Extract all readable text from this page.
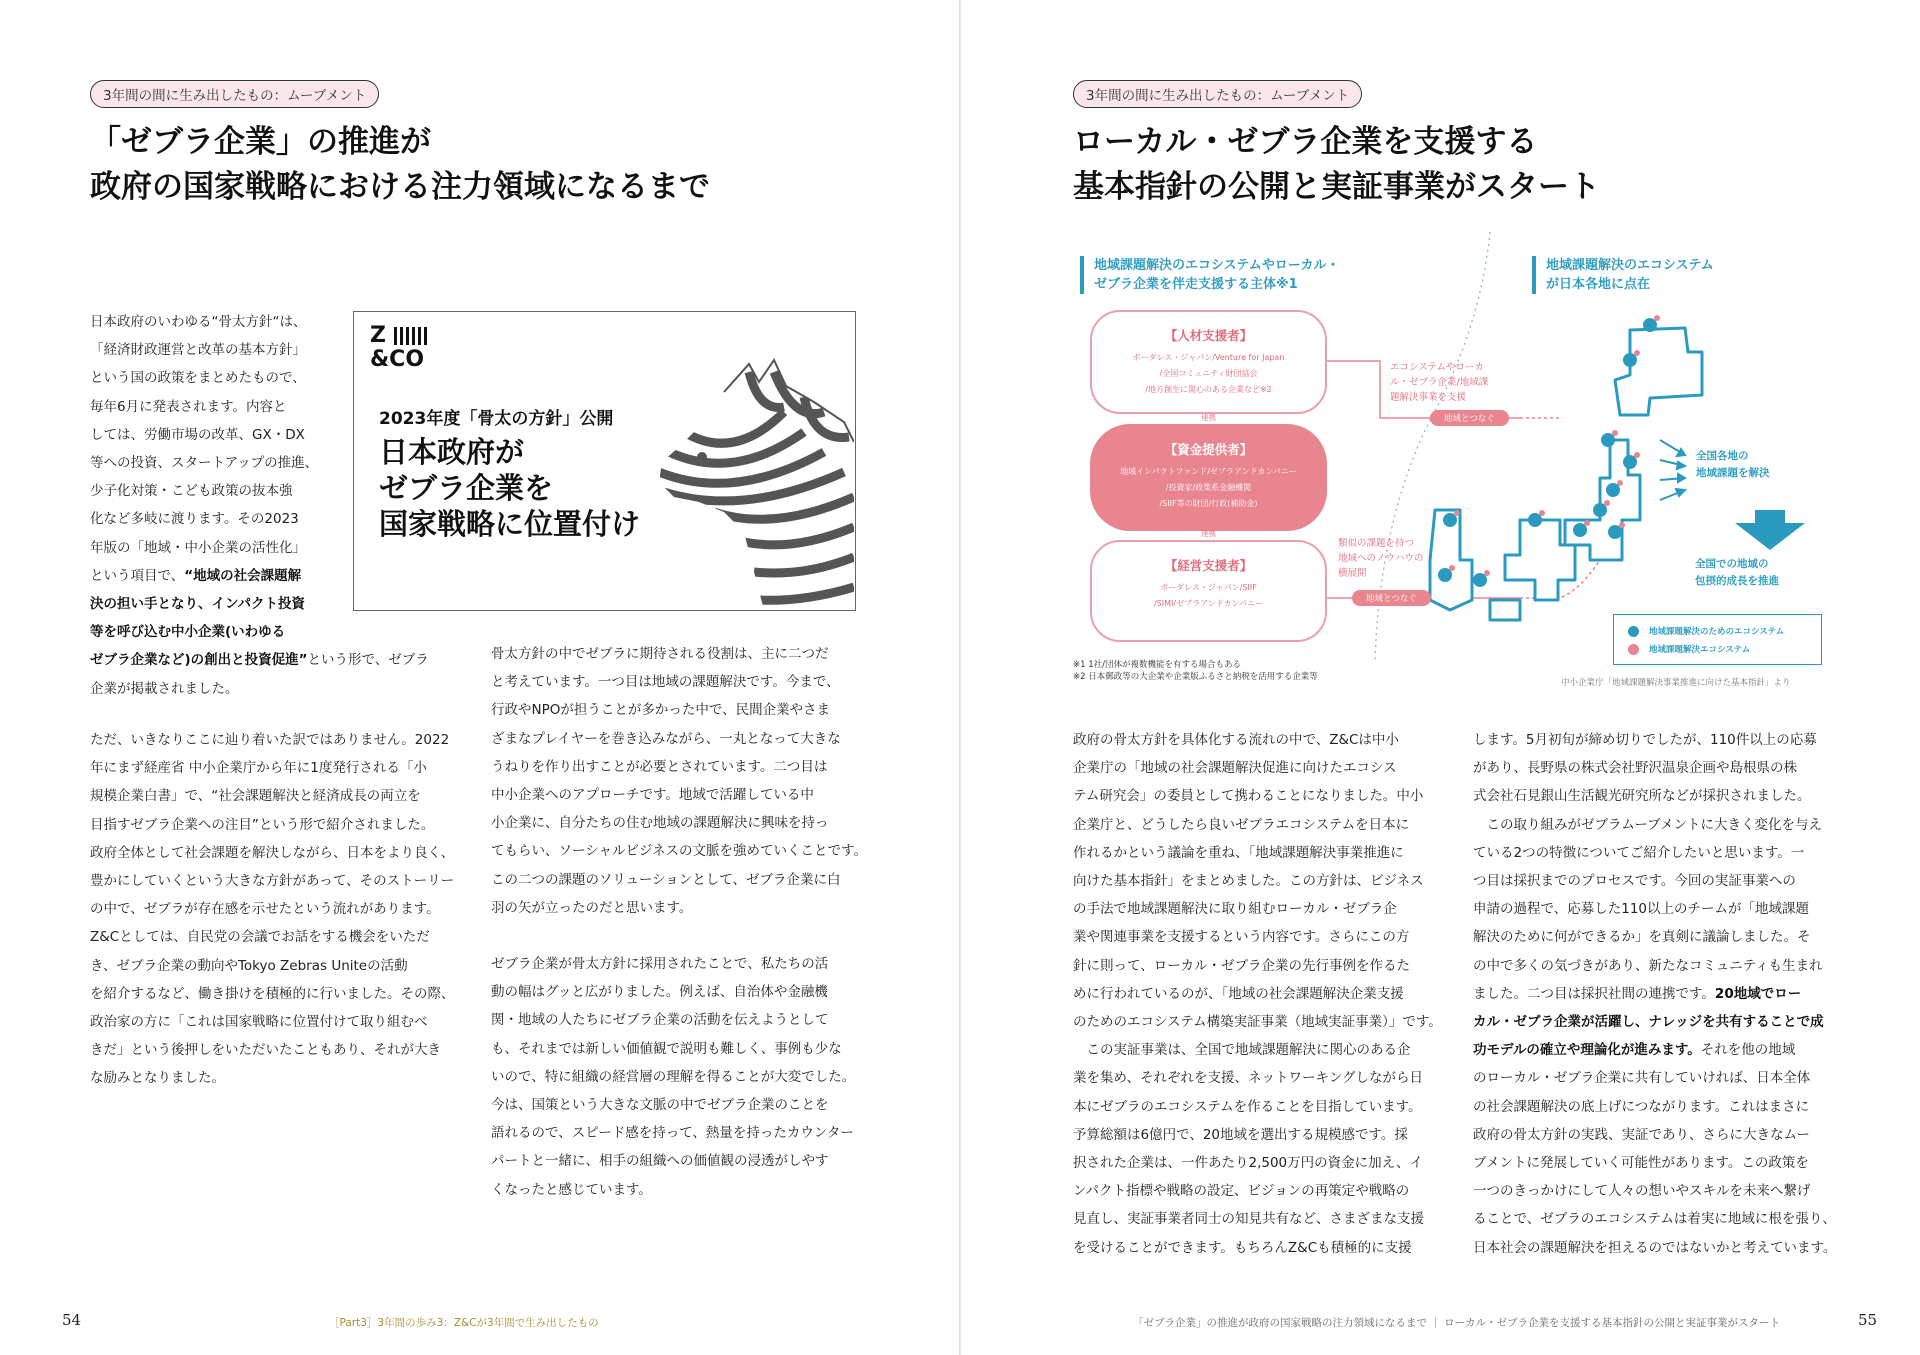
3年間の間に生み出したもの：ムーブメント
「ゼブラ企業」の推進が
政府の国家戦略における注力領域になるまで
Z
&CO
2023年度「骨太の方針」公開
日本政府が
ゼブラ企業を
国家戦略に位置付け

日本政府のいわゆる“骨太方針“は、
「経済財政運営と改革の基本方針」
という国の政策をまとめたもので、
毎年6月に発表されます。内容と
しては、労働市場の改革、GX・DX
等への投資、スタートアップの推進、
少子化対策・こども政策の抜本強
化など多岐に渡ります。その2023
年版の「地域・中小企業の活性化」
という項目で、“地域の社会課題解
決の担い手となり、インパクト投資
等を呼び込む中小企業(いわゆる
ゼブラ企業など)の創出と投資促進”という形で、ゼブラ
企業が掲載されました。

ただ、いきなりここに辿り着いた訳ではありません。2022
年にまず経産省 中小企業庁から年に1度発行される「小
規模企業白書」で、“社会課題解決と経済成長の両立を
目指すゼブラ企業への注目”という形で紹介されました。
政府全体として社会課題を解決しながら、日本をより良く、
豊かにしていくという大きな方針があって、そのストーリー
の中で、ゼブラが存在感を示せたという流れがあります。
Z&Cとしては、自民党の会議でお話をする機会をいただ
き、ゼブラ企業の動向やTokyo Zebras Uniteの活動
を紹介するなど、働き掛けを積極的に行いました。その際、
政治家の方に「これは国家戦略に位置付けて取り組むべ
きだ」という後押しをいただいたこともあり、それが大き
な励みとなりました。

骨太方針の中でゼブラに期待される役割は、主に二つだ
と考えています。一つ目は地域の課題解決です。今まで、
行政やNPOが担うことが多かった中で、民間企業やさま
ざまなプレイヤーを巻き込みながら、一丸となって大きな
うねりを作り出すことが必要とされています。二つ目は
中小企業へのアプローチです。地域で活躍している中
小企業に、自分たちの住む地域の課題解決に興味を持っ
てもらい、ソーシャルビジネスの文脈を強めていくことです。
この二つの課題のソリューションとして、ゼブラ企業に白
羽の矢が立ったのだと思います。

ゼブラ企業が骨太方針に採用されたことで、私たちの活
動の幅はグッと広がりました。例えば、自治体や金融機
関・地域の人たちにゼブラ企業の活動を伝えようとして
も、それまでは新しい価値観で説明も難しく、事例も少な
いので、特に組織の経営層の理解を得ることが大変でした。
今は、国策という大きな文脈の中でゼブラ企業のことを
語れるので、スピード感を持って、熱量を持ったカウンター
パートと一緒に、相手の組織への価値観の浸透がしやす
くなったと感じています。

54	［Part3］3年間の歩み3：Z&Cが3年間で生み出したもの
3年間の間に生み出したもの：ムーブメント
ローカル・ゼブラ企業を支援する
基本指針の公開と実証事業がスタート
地域課題解決のエコシステムやローカル・
ゼブラ企業を伴走支援する主体※1
地域課題解決のエコシステム
が日本各地に点在
【人材支援者】
ボーダレス・ジャパン/Venture for Japan
/全国コミュニティ財団協会
/地方創生に関心のある企業など※2
連携
【資金提供者】
地域インパクトファンド/ゼブラアンドカンパニー
/投資家/政策系金融機関
/SIIF等の財団/行政(補助金)
連携
【経営支援者】
ボーダレス・ジャパン/SIIF
/SIMI/ゼブラアンドカンパニー
エコシステムやローカ
ル・ゼブラ企業/地域課
題解決事業を支援
地域とつなぐ
類似の課題を持つ
地域へのノウハウの
横展開
地域とつなぐ
全国各地の
地域課題を解決
全国での地域の
包摂的成長を推進
地域課題解決のためのエコシステム
地域課題解決エコシステム
※1 1社/団体が複数機能を有する場合もある
※2 日本郵政等の大企業や企業版ふるさと納税を活用する企業等
中小企業庁「地域課題解決事業推進に向けた基本指針」より

政府の骨太方針を具体化する流れの中で、Z&Cは中小
企業庁の「地域の社会課題解決促進に向けたエコシス
テム研究会」の委員として携わることになりました。中小
企業庁と、どうしたら良いゼブラエコシステムを日本に
作れるかという議論を重ね、「地域課題解決事業推進に
向けた基本指針」をまとめました。この方針は、ビジネス
の手法で地域課題解決に取り組むローカル・ゼブラ企
業や関連事業を支援するという内容です。さらにこの方
針に則って、ローカル・ゼブラ企業の先行事例を作るた
めに行われているのが、「地域の社会課題解決企業支援
のためのエコシステム構築実証事業（地域実証事業）」です。

この実証事業は、全国で地域課題解決に関心のある企
業を集め、それぞれを支援、ネットワーキングしながら日
本にゼブラのエコシステムを作ることを目指しています。
予算総額は6億円で、20地域を選出する規模感です。採
択された企業は、一件あたり2,500万円の資金に加え、イ
ンパクト指標や戦略の設定、ビジョンの再策定や戦略の
見直し、実証事業者同士の知見共有など、さまざまな支援
を受けることができます。もちろんZ&Cも積極的に支援

します。5月初旬が締め切りでしたが、110件以上の応募
があり、長野県の株式会社野沢温泉企画や島根県の株
式会社石見銀山生活観光研究所などが採択されました。
この取り組みがゼブラムーブメントに大きく変化を与え
ている2つの特徴についてご紹介したいと思います。一
つ目は採択までのプロセスです。今回の実証事業への
申請の過程で、応募した110以上のチームが「地域課題
解決のために何ができるか」を真剣に議論しました。そ
の中で多くの気づきがあり、新たなコミュニティも生まれ
ました。二つ目は採択社間の連携です。20地域でロー
カル・ゼブラ企業が活躍し、ナレッジを共有することで成
功モデルの確立や理論化が進みます。それを他の地域
のローカル・ゼブラ企業に共有していければ、日本全体
の社会課題解決の底上げにつながります。これはまさに
政府の骨太方針の実践、実証であり、さらに大きなムー
ブメントに発展していく可能性があります。この政策を
一つのきっかけにして人々の想いやスキルを未来へ繋げ
ることで、ゼブラのエコシステムは着実に地域に根を張り、
日本社会の課題解決を担えるのではないかと考えています。

「ゼブラ企業」の推進が政府の国家戦略の注力領域になるまで ｜ ローカル・ゼブラ企業を支援する基本指針の公開と実証事業がスタート	55
